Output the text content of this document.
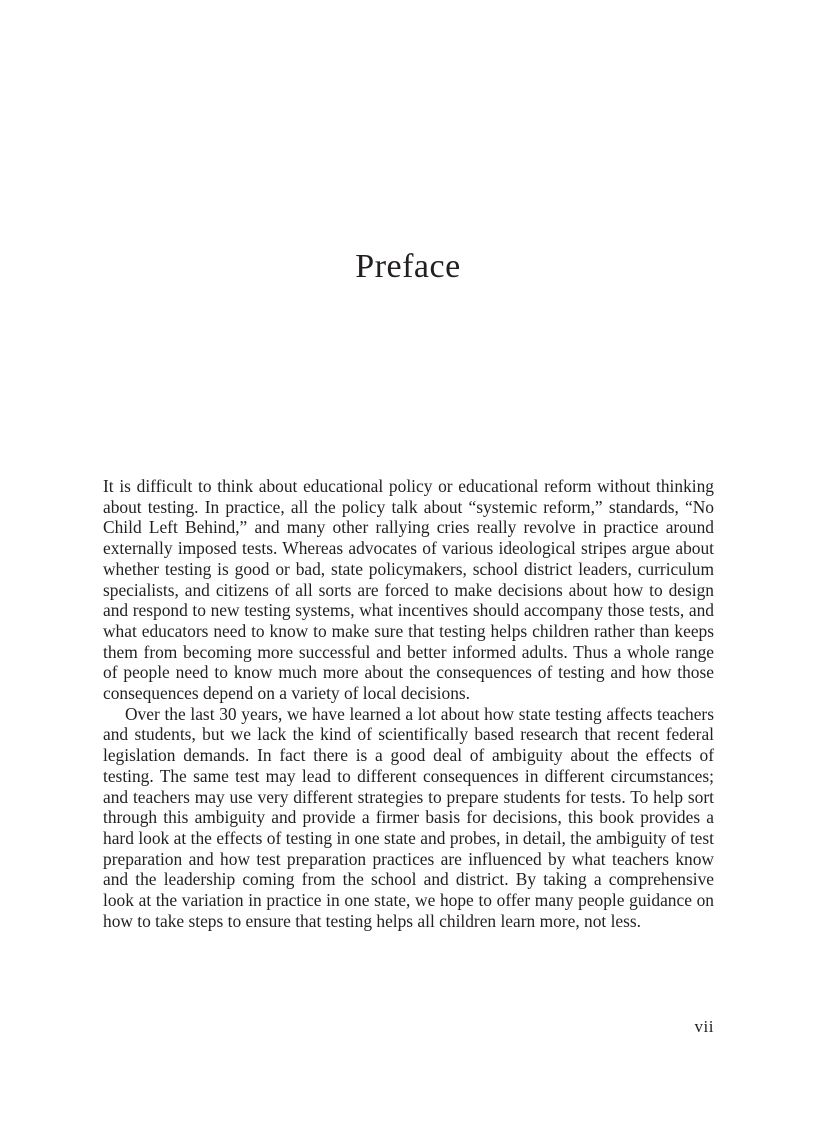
Preface

It is difficult to think about educational policy or educational reform without thinking about testing. In practice, all the policy talk about “systemic reform,” standards, “No Child Left Behind,” and many other rallying cries really revolve in practice around externally imposed tests. Whereas advocates of various ideological stripes argue about whether testing is good or bad, state policymakers, school district leaders, curriculum specialists, and citizens of all sorts are forced to make decisions about how to design and respond to new testing systems, what incentives should accompany those tests, and what educators need to know to make sure that testing helps children rather than keeps them from becoming more successful and better informed adults. Thus a whole range of people need to know much more about the consequences of testing and how those consequences depend on a variety of local decisions.

Over the last 30 years, we have learned a lot about how state testing affects teachers and students, but we lack the kind of scientifically based research that recent federal legislation demands. In fact there is a good deal of ambiguity about the effects of testing. The same test may lead to different consequences in different circumstances; and teachers may use very different strategies to prepare students for tests. To help sort through this ambiguity and provide a firmer basis for decisions, this book provides a hard look at the effects of testing in one state and probes, in detail, the ambiguity of test preparation and how test preparation practices are influenced by what teachers know and the leadership coming from the school and district. By taking a comprehensive look at the variation in practice in one state, we hope to offer many people guidance on how to take steps to ensure that testing helps all children learn more, not less.

vii
